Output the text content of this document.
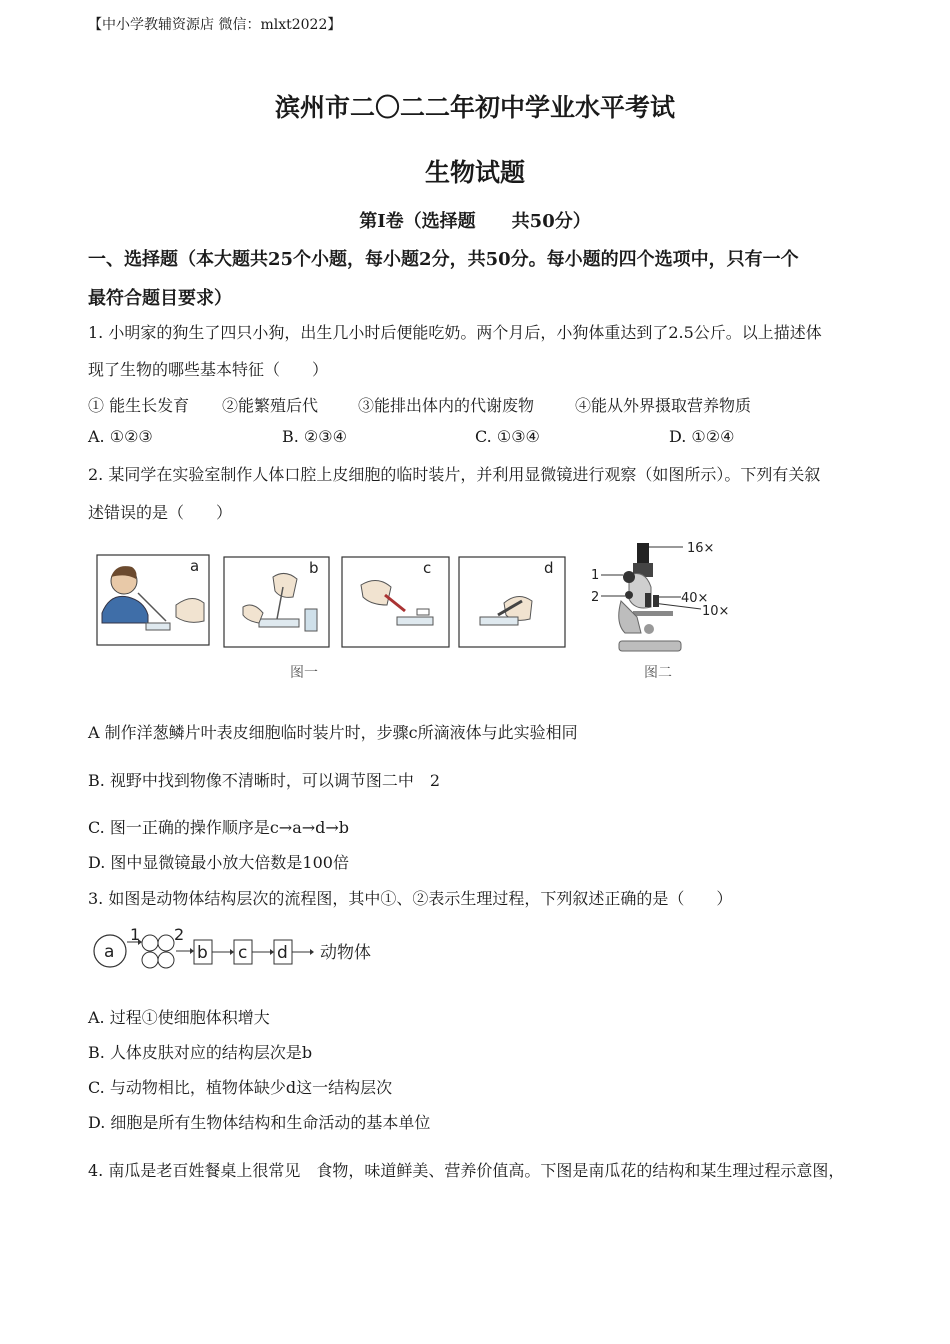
【中小学教辅资源店 微信：mlxt2022】
滨州市二〇二二年初中学业水平考试
生物试题
第Ⅰ卷（选择题　　共50分）
一、选择题（本大题共25个小题，每小题2分，共50分。每小题的四个选项中，只有一个
最符合题目要求）
1. 小明家的狗生了四只小狗，出生几小时后便能吃奶。两个月后，小狗体重达到了2.5公斤。以上描述体
现了生物的哪些基本特征（　　）
① 能生长发育 ②能繁殖后代 ③能排出体内的代谢废物	④能从外界摄取营养物质
A. ①②③	B. ②③④	C. ①③④	D. ①②④
2. 某同学在实验室制作人体口腔上皮细胞的临时装片，并利用显微镜进行观察（如图所示）。下列有关叙
述错误的是（　　）
a	b	c	d
图一
16×
1
2	40×
10×
图二
A 制作洋葱鳞片叶表皮细胞临时装片时，步骤c所滴液体与此实验相同
B. 视野中找到物像不清晰时，可以调节图二中　2
C. 图一正确的操作顺序是c→a→d→b
D. 图中显微镜最小放大倍数是100倍
3. 如图是动物体结构层次的流程图，其中①、②表示生理过程，下列叙述正确的是（　　）
a
1 2
b c d 动物体
A. 过程①使细胞体积增大
B. 人体皮肤对应的结构层次是b
C. 与动物相比，植物体缺少d这一结构层次
D. 细胞是所有生物体结构和生命活动的基本单位
4. 南瓜是老百姓餐桌上很常见　食物，味道鲜美、营养价值高。下图是南瓜花的结构和某生理过程示意图，
